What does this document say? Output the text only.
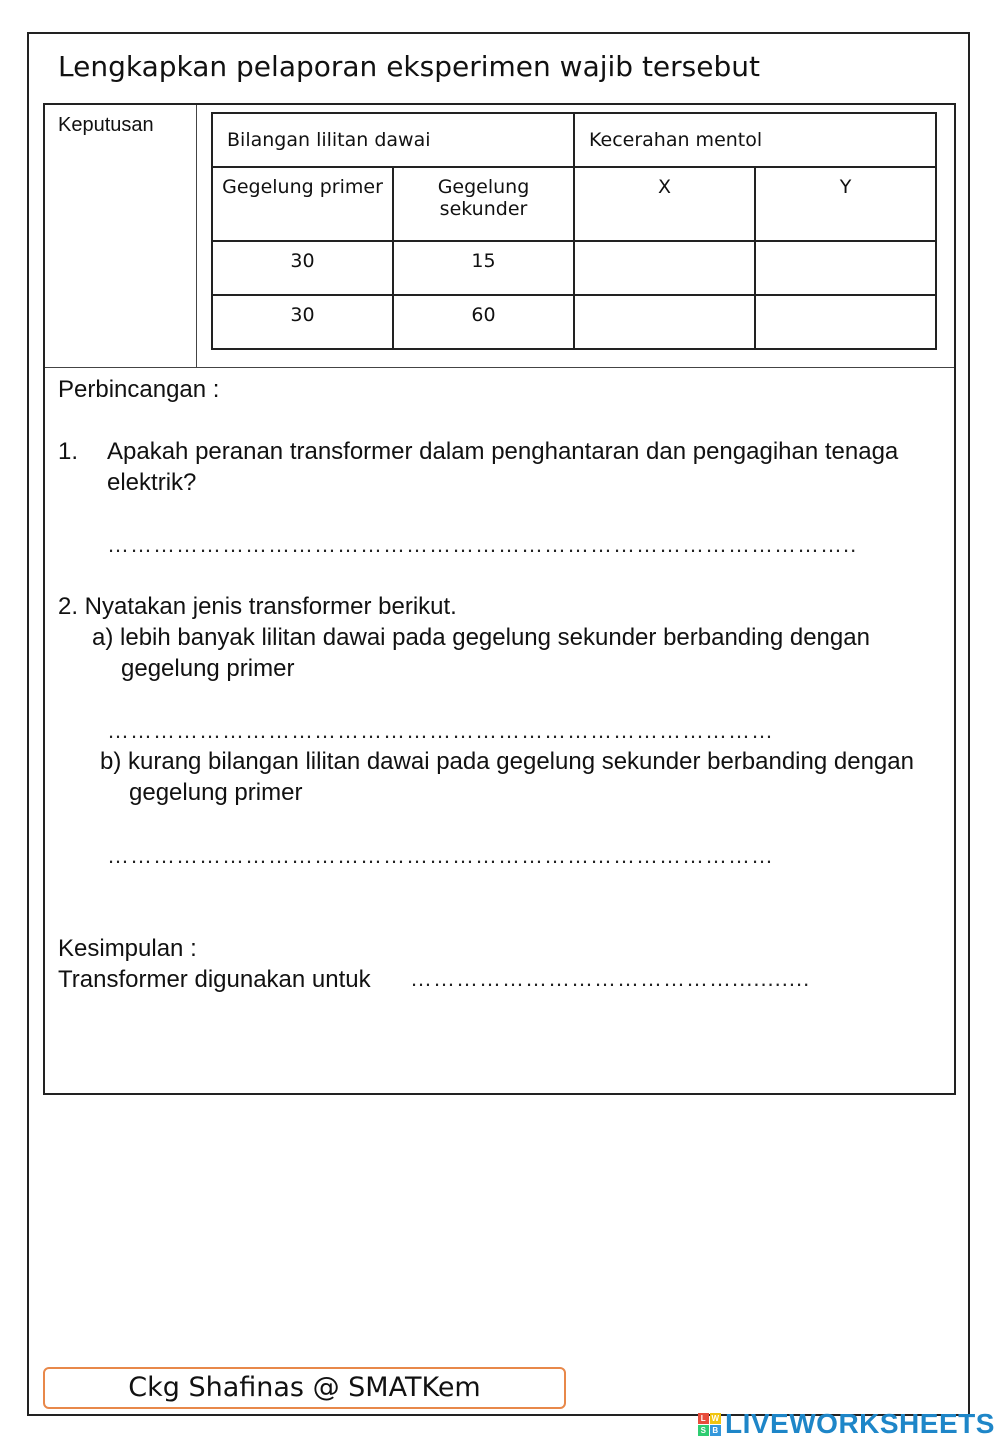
Lengkapkan pelaporan eksperimen wajib tersebut
Keputusan
Bilangan lilitan dawai		Kecerahan mentol	
Gegelung primer	Gegelung sekunder	X	Y
30	15		
30	60		
Perbincangan :
1. Apakah peranan transformer dalam penghantaran dan pengagihan tenaga elektrik?
……………………………………………………………………………………..
2. Nyatakan jenis transformer berikut.
a) lebih banyak lilitan dawai pada gegelung sekunder berbanding dengan gegelung primer
……………………………………………………………………………
b) kurang bilangan lilitan dawai pada gegelung sekunder berbanding dengan gegelung primer
……………………………………………………………………………
Kesimpulan :
Transformer digunakan untuk ……………………………………...........
Ckg Shafinas @ SMATKem
L W
S B LIVEWORKSHEETS
